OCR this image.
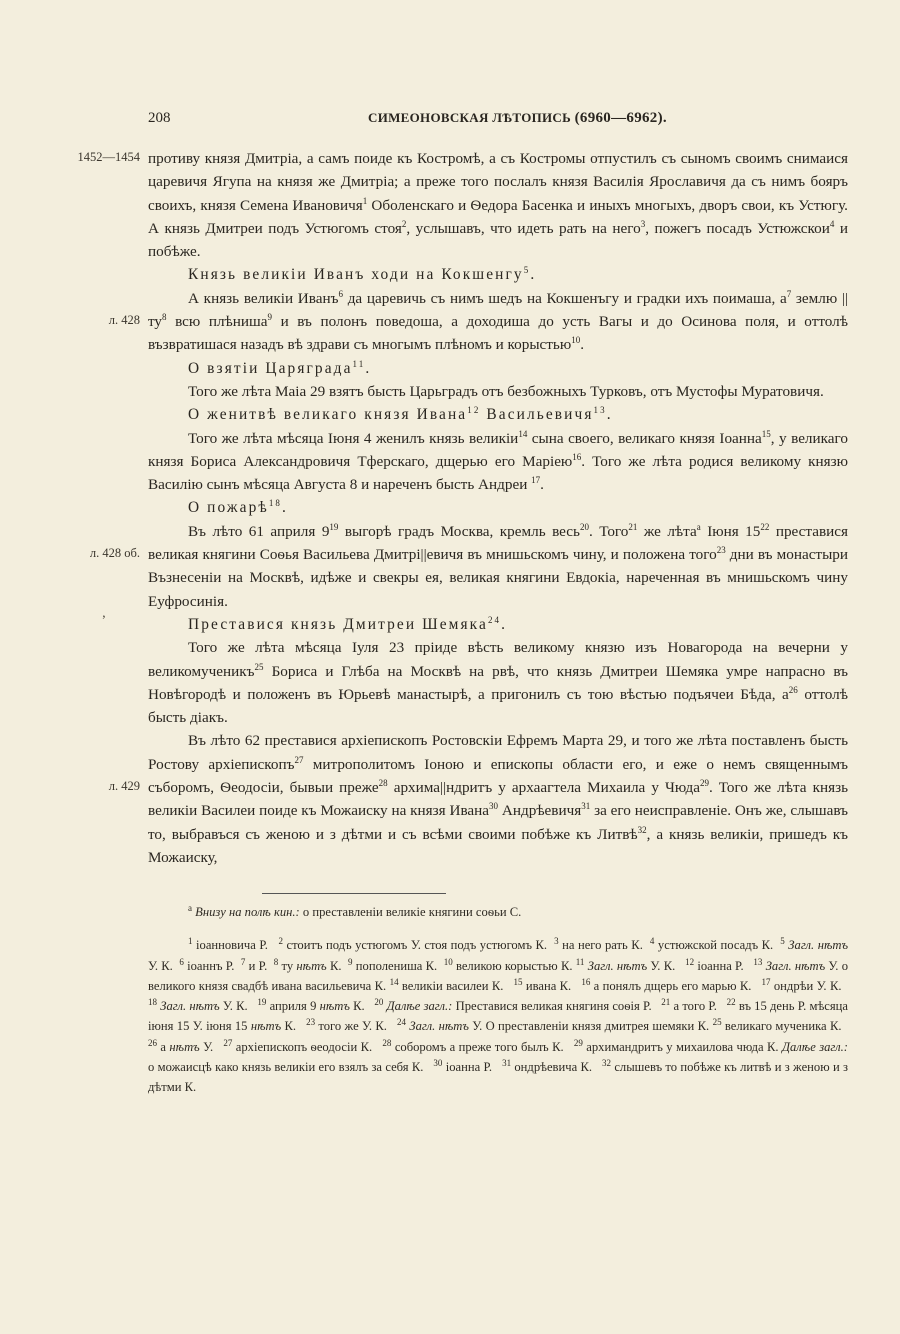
208	СИМЕОНОВСКАЯ ЛѢТОПИСЬ (6960—6962).

1452—1454 противу князя Дмитріа, а самъ поиде къ Костромѣ, а съ Костромы отпустилъ съ сыномъ своимъ снимаися царевичя Ягупа на князя же Дмитріа; а преже того послалъ князя Василія Ярославичя да съ нимъ бояръ своихъ, князя Семена Ивановичя$^1$ Оболенскаго и Ѳедора Басенка и иныхъ многыхъ, дворъ свои, къ Устюгу. А князь Дмитреи подъ Устюгомъ стоя$^2$, услышавъ, что идеть рать на него$^3$, пожегъ посадъ Устюжскои$^4$ и побѣже.

Князь великіи Иванъ ходи на Кокшенгу$^5$.

л. 428
А князь великіи Иванъ$^6$ да царевичь съ нимъ шедъ на Кокшенъгу и градки ихъ поимаша, $а^7$ землю || $ту^8$ всю плѣниша$^9$ и въ полонъ поведоша, а доходиша до усть Вагы и до Осинова поля, и оттолѣ възвратишася назадъ вѣ здрави съ многымъ плѣномъ и корыстью$^{10}$.

О взятіи Царяграда$^{11}$.

Того же лѣта Маіа 29 взятъ бысть Царьградъ отъ безбожныхъ Турковъ, отъ Мустофы Муратовичя.

О женитвѣ великаго князя Ивана$^{12}$ Васильевичя$^{13}$.

Того же лѣта мѣсяца Іюня 4 женилъ князь великіи$^{14}$ сына своего, великаго князя Іоанна$^{15}$, у великаго князя Бориса Александровичя Тферскаго, дщерью его Маріею$^{16}$. Того же лѣта родися великому князю Василію сынъ мѣсяца Августа 8 и нареченъ бысть Андреи $^{17}$.

О пожарѣ$^{18}$.

л. 428 об.
Въ лѣто 61 априля $9^{19}$ выгорѣ градъ Москва, кремль весь$^{20}$. Того$^{21}$ же лѣта$^а$ Іюня $15^{22}$ преставися великая княгини Соѳья Васильева Дмитрі||евичя въ мнишьскомъ чину, и положена того$^{23}$ дни въ монастыри Възнесеніи на Москвѣ, идѣже и свекры ея, великая княгини Евдокіа, нареченная въ мнишьскомъ чину Еуфросинія.

’	Преставися князь Дмитреи Шемяка$^{24}$.

Того же лѣта мѣсяца Іуля 23 пріиде вѣсть великому князю изъ Новагорода на вечерни у великомученикъ$^{25}$ Бориса и Глѣба на Москвѣ на рвѣ, что князь Дмитреи Шемяка умре напрасно въ Новѣгородѣ и положенъ въ Юрьевѣ манастырѣ, а пригонилъ съ тою вѣстью подъячеи Бѣда, $а^{26}$ оттолѣ бысть діакъ.

л. 429
Въ лѣто 62 преставися архіепископъ Ростовскіи Ефремъ Марта 29, и того же лѣта поставленъ бысть Ростову архіепископъ$^{27}$ митрополитомъ Іоною и епископы области его, и еже о немъ священнымъ съборомъ, Ѳеодосіи, бывыи преже$^{28}$ архима||ндритъ у архаагтела Михаила у Чюда$^{29}$. Того же лѣта князь великіи Василеи поиде къ Можаиску на князя Ивана$^{30}$ Андрѣевичя$^{31}$ за его неисправленіе. Онъ же, слышавъ то, выбравъся съ женою и з дѣтми и съ всѣми своими побѣже къ Литвѣ$^{32}$, а князь великіи, пришедъ къ Можаиску,

$^а$ Внизу на полѣ кин.: о преставленіи великіе княгини соѳьи С.

$^1$ іоанновича Р. $^2$ стоитъ подъ устюгомъ У. стоя подъ устюгомъ К. $^3$ на него рать К. $^4$ устюжской посадъ К. $^5$ Загл. нѣтъ У. К. $^6$ іоаннъ Р. $^7$ и Р. $^8$ ту нѣтъ К. $^9$ пополениша К. $^{10}$ великою корыстью К. $^{11}$ Загл. нѣтъ У. К. $^{12}$ іоанна Р. $^{13}$ Загл. нѣтъ У. о великого князя свадбѣ ивана васильевича К. $^{14}$ великіи василеи К. $^{15}$ ивана К. $^{16}$ а понялъ дщерь его марью К. $^{17}$ ондрѣи У. К.   $^{18}$ Загл. нѣтъ У. К. $^{19}$ априля 9 нѣтъ К. $^{20}$ Далѣе загл.: Преставися великая княгиня соѳія Р. $^{21}$ а того Р. $^{22}$ въ 15 день Р. мѣсяца іюня 15 У. іюня 15 нѣтъ К. $^{23}$ того же У. К. $^{24}$ Загл. нѣтъ У. О преставленіи князя дмитрея шемяки К. $^{25}$ великаго мученика К.   $^{26}$ а нѣтъ У. $^{27}$ архіепископъ ѳеодосіи К. $^{28}$ соборомъ а преже того былъ К. $^{29}$ архимандритъ у михаилова чюда К. Далѣе загл.: о можаисцѣ како князь великіи его взялъ за себя К. $^{30}$ іоанна Р. $^{31}$ ондрѣевича К. $^{32}$ слышевъ то побѣже къ литвѣ и з женою и з дѣтми К.
